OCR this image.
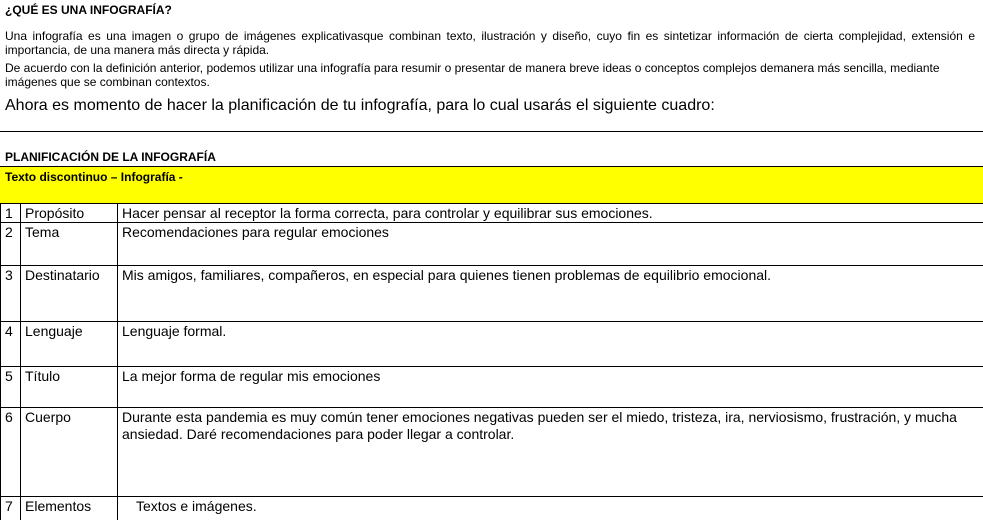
¿QUÉ ES UNA INFOGRAFÍA?
Una infografía es una imagen o grupo de imágenes explicativasque combinan texto, ilustración y diseño, cuyo fin es sintetizar información de cierta complejidad, extensión e importancia, de una manera más directa y rápida.
De acuerdo con la definición anterior, podemos utilizar una infografía para resumir o presentar de manera breve ideas o conceptos complejos demanera más sencilla, mediante imágenes que se combinan contextos.
Ahora es momento de hacer la planificación de tu infografía, para lo cual usarás el siguiente cuadro:
PLANIFICACIÓN DE LA INFOGRAFÍA
Texto discontinuo – Infografía -
1	Propósito	Hacer pensar al receptor la forma correcta, para controlar y equilibrar sus emociones.
2	Tema	Recomendaciones para regular emociones
3	Destinatario	Mis amigos, familiares, compañeros, en especial para quienes tienen problemas de equilibrio emocional.
4	Lenguaje	Lenguaje formal.
5	Título	La mejor forma de regular mis emociones
6	Cuerpo	Durante esta pandemia es muy común tener emociones negativas pueden ser el miedo, tristeza, ira, nerviosismo, frustración, y mucha ansiedad. Daré recomendaciones para poder llegar a controlar.
7	Elementos	Textos e imágenes.
